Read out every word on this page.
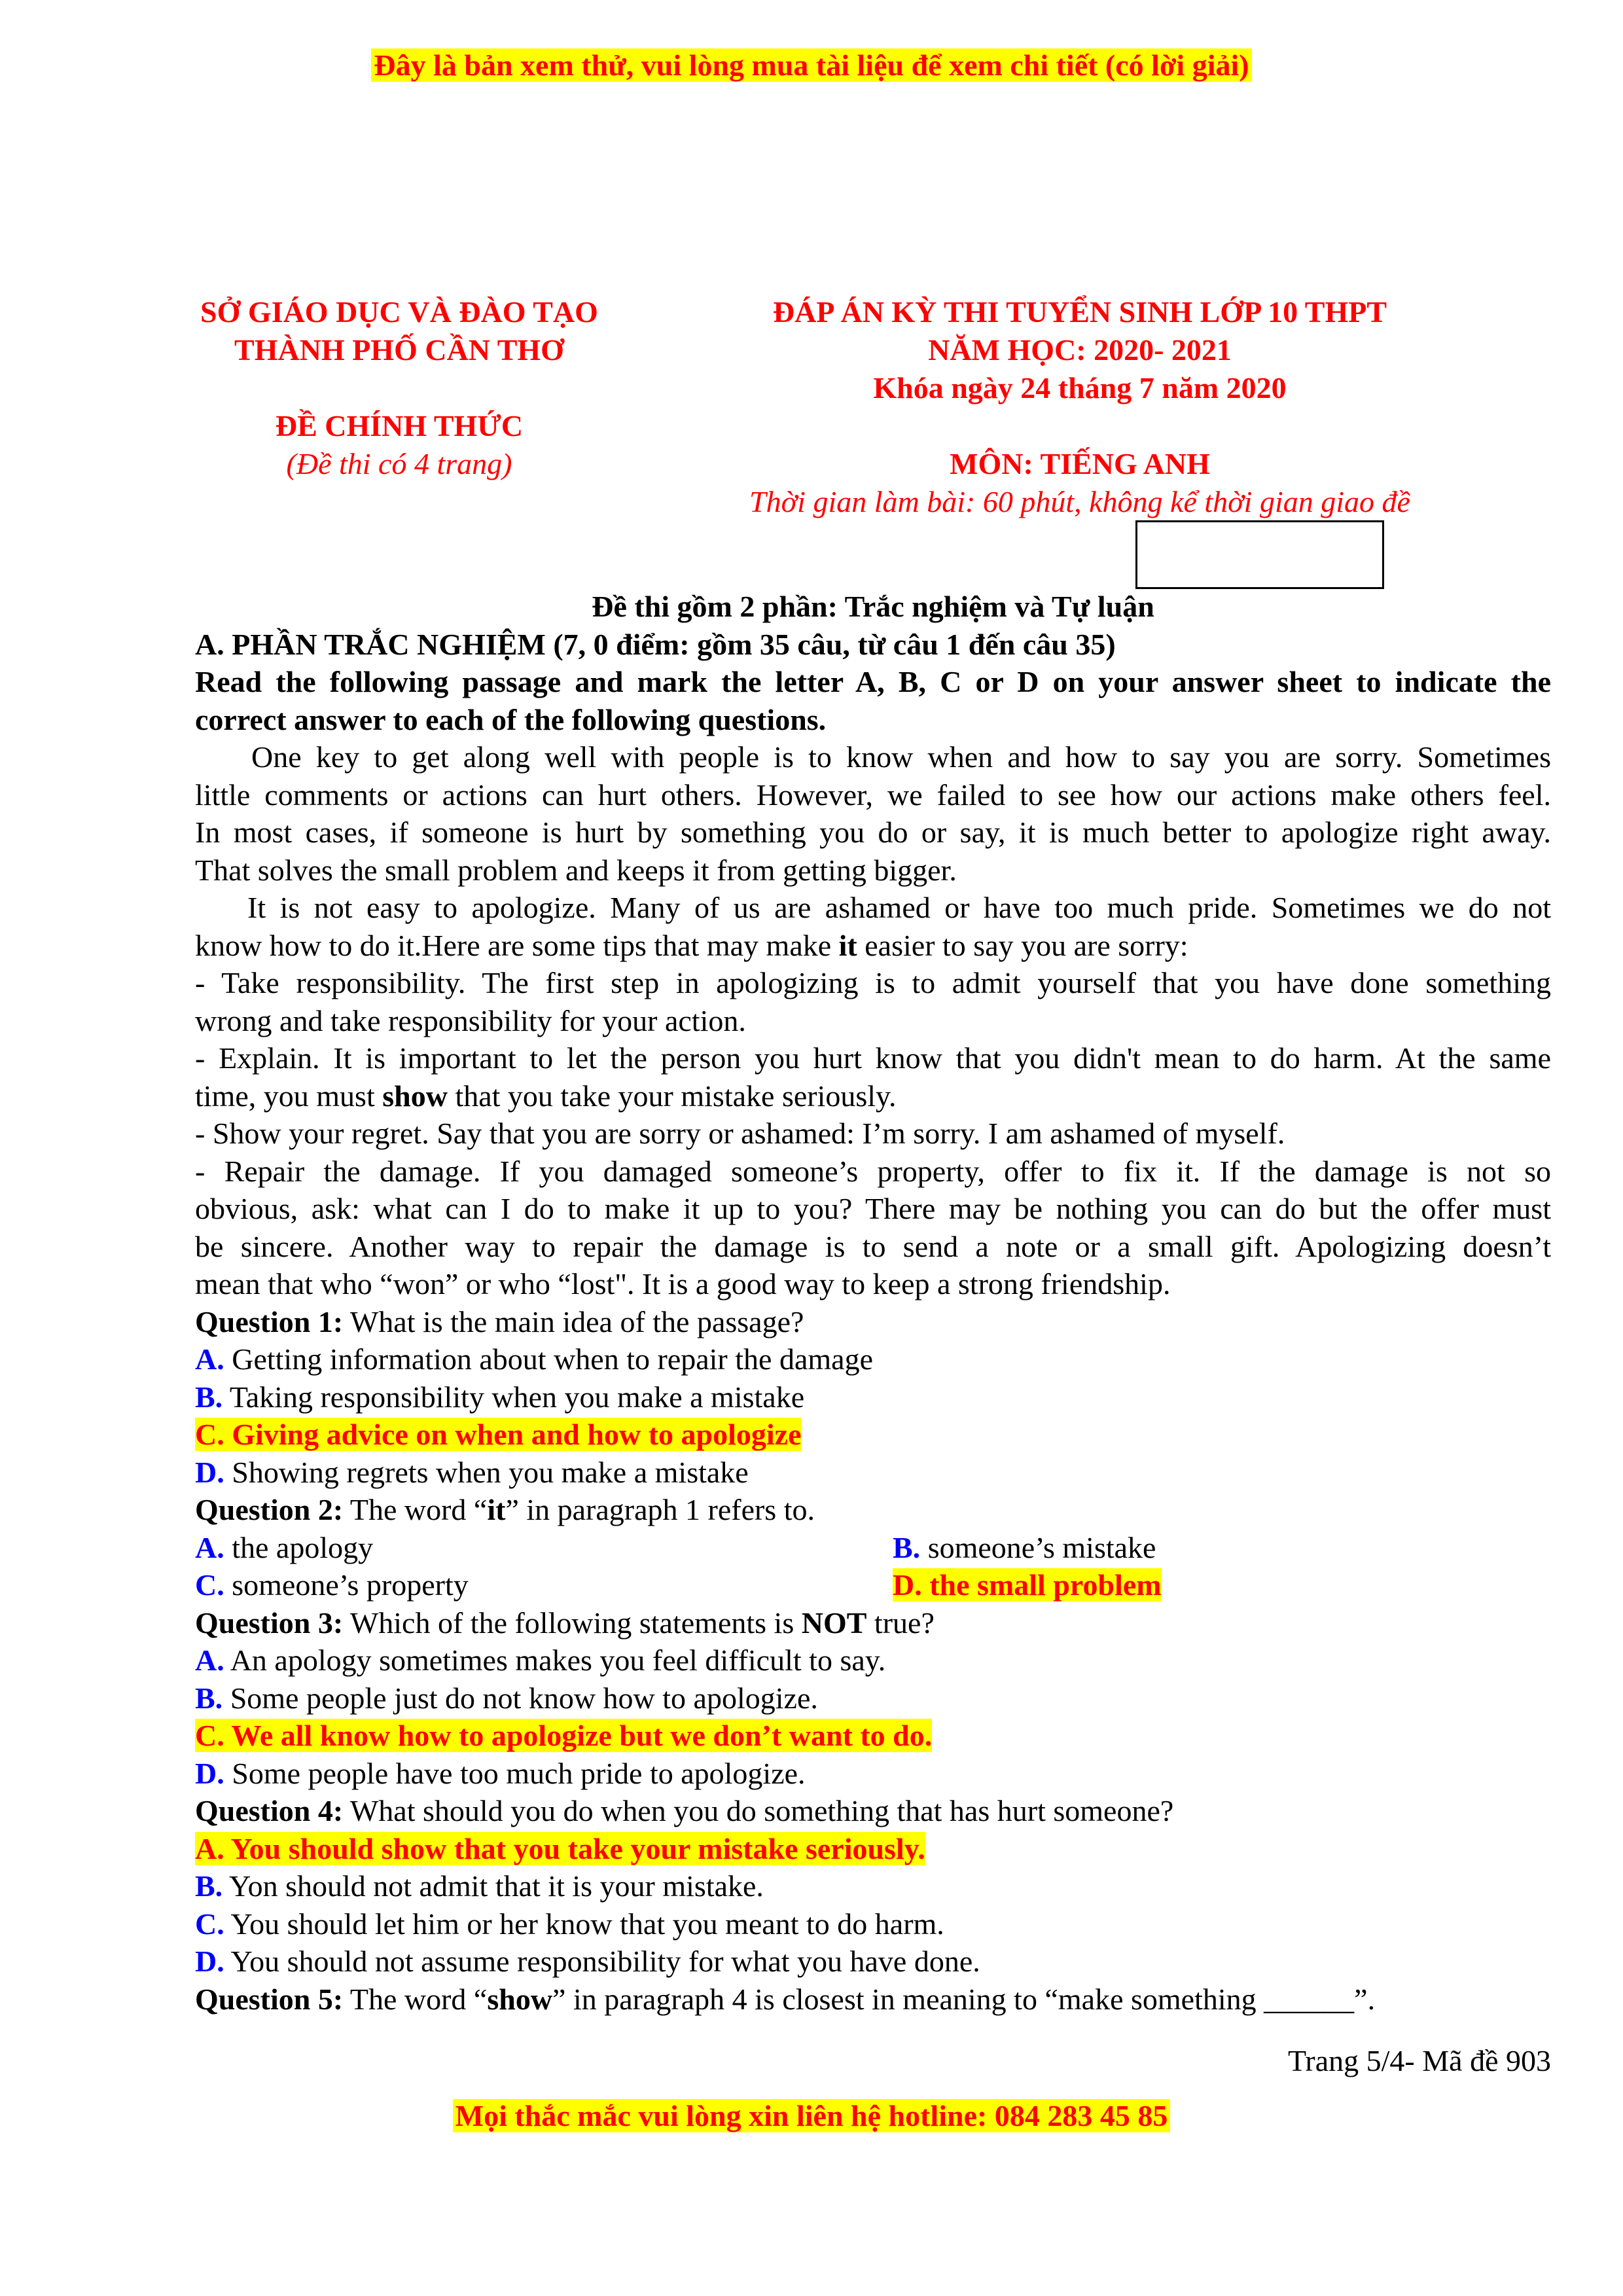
Đây là bản xem thử, vui lòng mua tài liệu để xem chi tiết (có lời giải)
SỞ GIÁO DỤC VÀ ĐÀO TẠO
THÀNH PHỐ CẦN THƠ
ĐỀ CHÍNH THỨC
(Đề thi có 4 trang)
ĐÁP ÁN KỲ THI TUYỂN SINH LỚP 10 THPT
NĂM HỌC: 2020- 2021
Khóa ngày 24 tháng 7 năm 2020
MÔN: TIẾNG ANH
Thời gian làm bài: 60 phút, không kể thời gian giao đề
Đề thi gồm 2 phần: Trắc nghiệm và Tự luận
A. PHẦN TRẮC NGHIỆM (7, 0 điểm: gồm 35 câu, từ câu 1 đến câu 35)
Read the following passage and mark the letter A, B, C or D on your answer sheet to indicate the
correct answer to each of the following questions.
One key to get along well with people is to know when and how to say you are sorry. Sometimes
little comments or actions can hurt others. However, we failed to see how our actions make others feel.
In most cases, if someone is hurt by something you do or say, it is much better to apologize right away.
That solves the small problem and keeps it from getting bigger.
It is not easy to apologize. Many of us are ashamed or have too much pride. Sometimes we do not
know how to do it.Here are some tips that may make it easier to say you are sorry:
- Take responsibility. The first step in apologizing is to admit yourself that you have done something
wrong and take responsibility for your action.
- Explain. It is important to let the person you hurt know that you didn't mean to do harm. At the same
time, you must show that you take your mistake seriously.
- Show your regret. Say that you are sorry or ashamed: I’m sorry. I am ashamed of myself.
- Repair the damage. If you damaged someone’s property, offer to fix it. If the damage is not so
obvious, ask: what can I do to make it up to you? There may be nothing you can do but the offer must
be sincere. Another way to repair the damage is to send a note or a small gift. Apologizing doesn’t
mean that who “won” or who “lost". It is a good way to keep a strong friendship.
Question 1: What is the main idea of the passage?
A. Getting information about when to repair the damage
B. Taking responsibility when you make a mistake
C. Giving advice on when and how to apologize
D. Showing regrets when you make a mistake
Question 2: The word “it” in paragraph 1 refers to.
A. the apology	B. someone’s mistake
C. someone’s property	D. the small problem
Question 3: Which of the following statements is NOT true?
A. An apology sometimes makes you feel difficult to say.
B. Some people just do not know how to apologize.
C. We all know how to apologize but we don’t want to do.
D. Some people have too much pride to apologize.
Question 4: What should you do when you do something that has hurt someone?
A. You should show that you take your mistake seriously.
B. Yon should not admit that it is your mistake.
C. You should let him or her know that you meant to do harm.
D. You should not assume responsibility for what you have done.
Question 5: The word “show” in paragraph 4 is closest in meaning to “make something ______”.
Trang 5/4- Mã đề 903
Mọi thắc mắc vui lòng xin liên hệ hotline: 084 283 45 85
